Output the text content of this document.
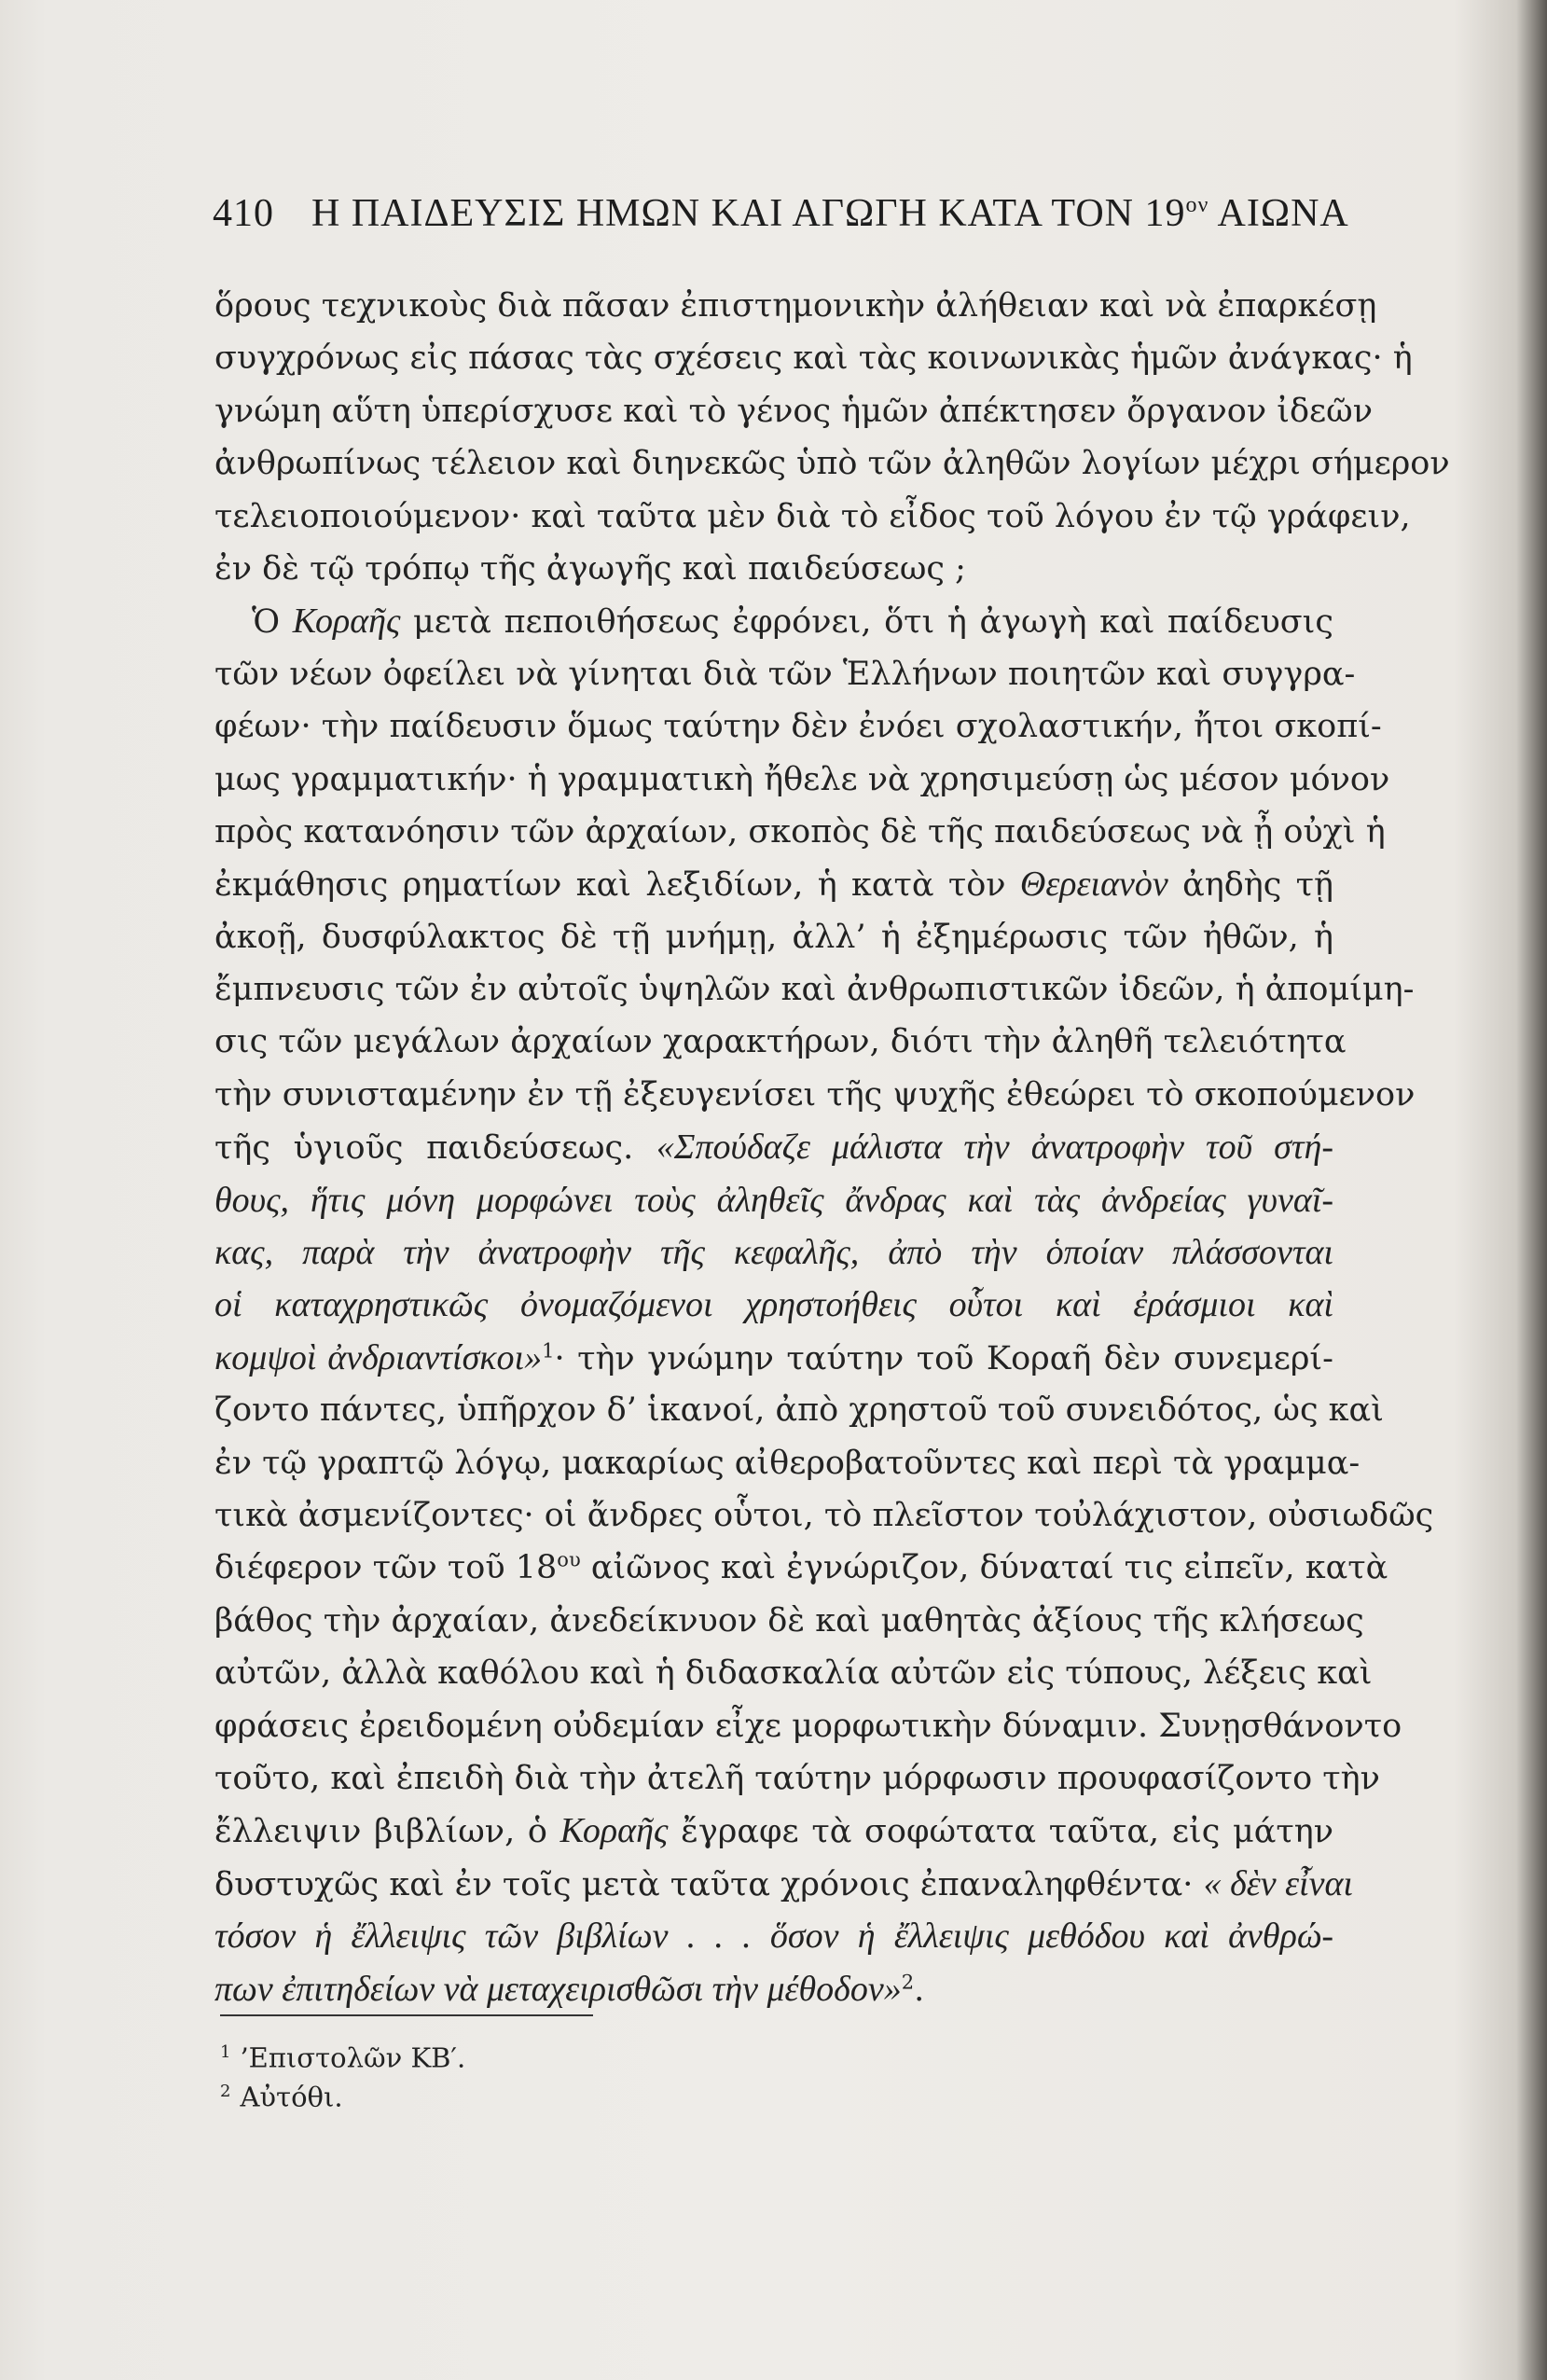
410 Η ΠΑΙΔΕΥΣΙΣ ΗΜΩΝ ΚΑΙ ΑΓΩΓΗ ΚΑΤΑ ΤΟΝ $19^{o\nu}$ ΑΙΩΝΑ
ὅρους τεχνικοὺς διὰ πᾶσαν ἐπιστημονικὴν ἀλήθειαν καὶ νὰ ἐπαρκέσῃ
συγχρόνως εἰς πάσας τὰς σχέσεις καὶ τὰς κοινωνικὰς ἡμῶν ἀνάγκας· ἡ
γνώμη αὕτη ὑπερίσχυσε καὶ τὸ γένος ἡμῶν ἀπέκτησεν ὄργανον ἰδεῶν
ἀνθρωπίνως τέλειον καὶ διηνεκῶς ὑπὸ τῶν ἀληθῶν λογίων μέχρι σήμερον
τελειοποιούμενον· καὶ ταῦτα μὲν διὰ τὸ εἶδος τοῦ λόγου ἐν τῷ γράφειν,
ἐν δὲ τῷ τρόπῳ τῆς ἀγωγῆς καὶ παιδεύσεως ;
Ὁ Κοραῆς μετὰ πεποιθήσεως ἐφρόνει, ὅτι ἡ ἀγωγὴ καὶ παίδευσις
τῶν νέων ὀφείλει νὰ γίνηται διὰ τῶν Ἑλλήνων ποιητῶν καὶ συγγρα-
φέων· τὴν παίδευσιν ὅμως ταύτην δὲν ἐνόει σχολαστικήν, ἤτοι σκοπί-
μως γραμματικήν· ἡ γραμματικὴ ἤθελε νὰ χρησιμεύσῃ ὡς μέσον μόνον
πρὸς κατανόησιν τῶν ἀρχαίων, σκοπὸς δὲ τῆς παιδεύσεως νὰ ᾖ οὐχὶ ἡ
ἐκμάθησις ρηματίων καὶ λεξιδίων, ἡ κατὰ τὸν Θερειανὸν ἀηδὴς τῇ
ἀκοῇ, δυσφύλακτος δὲ τῇ μνήμῃ, ἀλλ’ ἡ ἐξημέρωσις τῶν ἠθῶν, ἡ
ἔμπνευσις τῶν ἐν αὐτοῖς ὑψηλῶν καὶ ἀνθρωπιστικῶν ἰδεῶν, ἡ ἀπομίμη-
σις τῶν μεγάλων ἀρχαίων χαρακτήρων, διότι τὴν ἀληθῆ τελειότητα
τὴν συνισταμένην ἐν τῇ ἐξευγενίσει τῆς ψυχῆς ἐθεώρει τὸ σκοπούμενον
τῆς ὑγιοῦς παιδεύσεως. «Σπούδαζε μάλιστα τὴν ἀνατροφὴν τοῦ στή-
θους, ἥτις μόνη μορφώνει τοὺς ἀληθεῖς ἄνδρας καὶ τὰς ἀνδρείας γυναῖ-
κας, παρὰ τὴν ἀνατροφὴν τῆς κεφαλῆς, ἀπὸ τὴν ὁποίαν πλάσσονται
οἱ καταχρηστικῶς ὀνομαζόμενοι χρηστοήθεις οὗτοι καὶ ἐράσμιοι καὶ
κομψοὶ ἀνδριαντίσκοι»$^1$· τὴν γνώμην ταύτην τοῦ Κοραῆ δὲν συνεμερί-
ζοντο πάντες, ὑπῆρχον δ’ ἱκανοί, ἀπὸ χρηστοῦ τοῦ συνειδότος, ὡς καὶ
ἐν τῷ γραπτῷ λόγῳ, μακαρίως αἰθεροβατοῦντες καὶ περὶ τὰ γραμμα-
τικὰ ἀσμενίζοντες· οἱ ἄνδρες οὗτοι, τὸ πλεῖστον τοὐλάχιστον, οὐσιωδῶς
διέφερον τῶν τοῦ $18^{o\upsilon}$ αἰῶνος καὶ ἐγνώριζον, δύναταί τις εἰπεῖν, κατὰ
βάθος τὴν ἀρχαίαν, ἀνεδείκνυον δὲ καὶ μαθητὰς ἀξίους τῆς κλήσεως
αὐτῶν, ἀλλὰ καθόλου καὶ ἡ διδασκαλία αὐτῶν εἰς τύπους, λέξεις καὶ
φράσεις ἐρειδομένη οὐδεμίαν εἶχε μορφωτικὴν δύναμιν. Συνῃσθάνοντο
τοῦτο, καὶ ἐπειδὴ διὰ τὴν ἀτελῆ ταύτην μόρφωσιν προυφασίζοντο τὴν
ἔλλειψιν βιβλίων, ὁ Κοραῆς ἔγραφε τὰ σοφώτατα ταῦτα, εἰς μάτην
δυστυχῶς καὶ ἐν τοῖς μετὰ ταῦτα χρόνοις ἐπαναληφθέντα· « δὲν εἶναι
τόσον ἡ ἔλλειψις τῶν βιβλίων . . . ὅσον ἡ ἔλλειψις μεθόδου καὶ ἀνθρώ-
πων ἐπιτηδείων νὰ μεταχειρισθῶσι τὴν μέθοδον»$^2$.
$^1$ ’Επιστολῶν ΚΒ′.
$^2$ Αὐτόθι.
